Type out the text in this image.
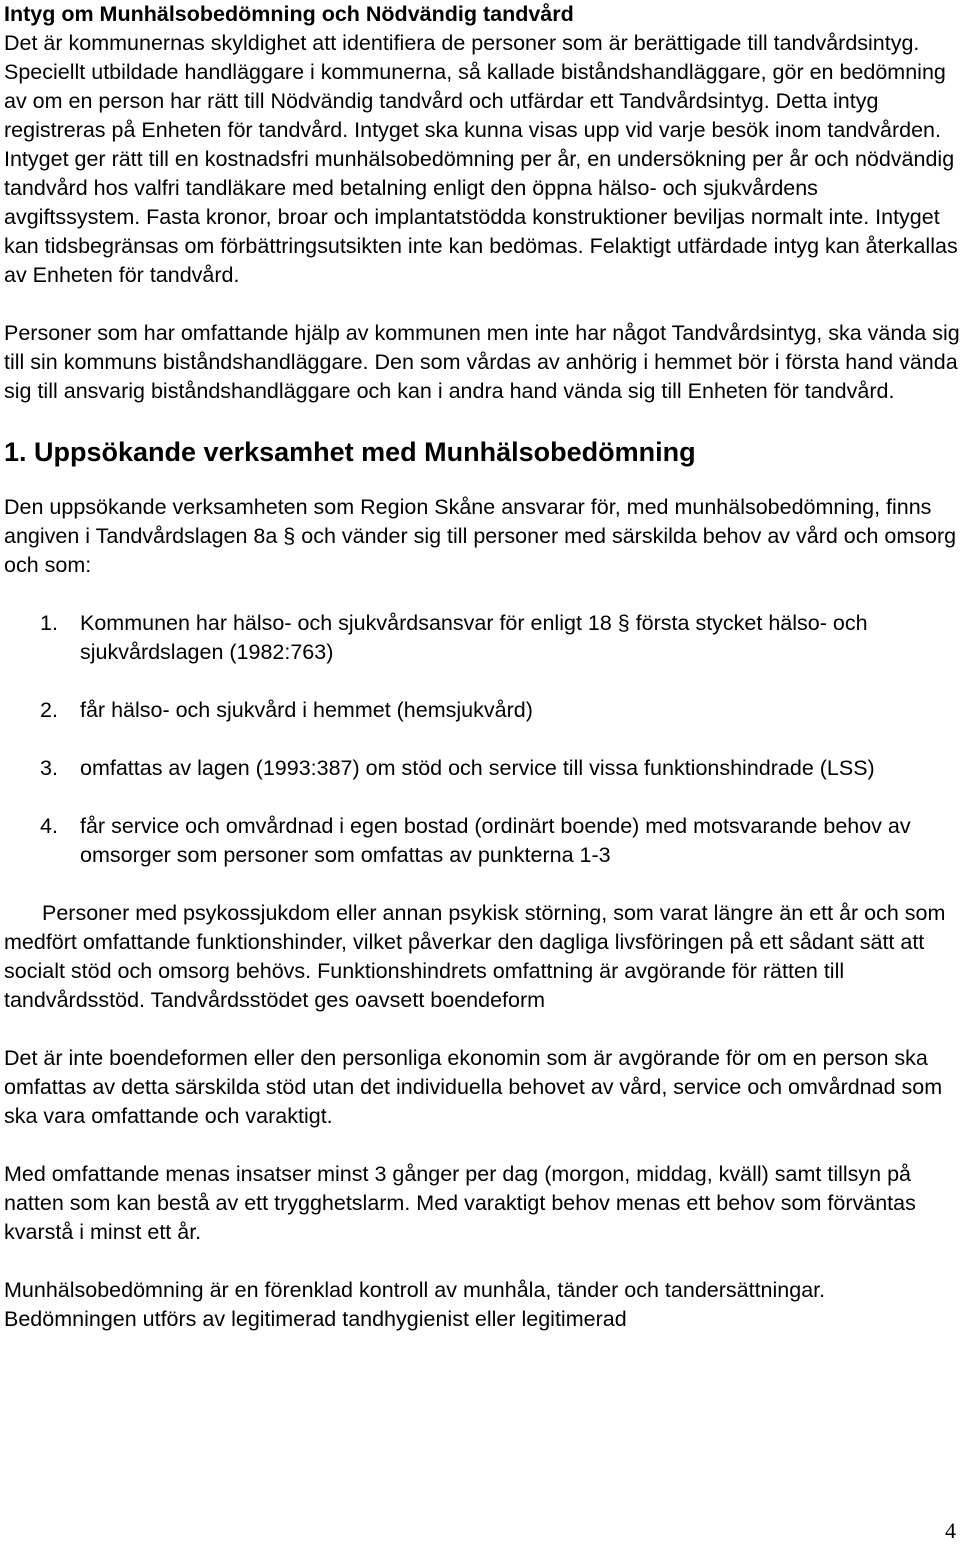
Intyg om Munhälsobedömning och Nödvändig tandvård

Det är kommunernas skyldighet att identifiera de personer som är berättigade till tandvårdsintyg. Speciellt utbildade handläggare i kommunerna, så kallade biståndshandläggare, gör en bedömning av om en person har rätt till Nödvändig tandvård och utfärdar ett Tandvårdsintyg. Detta intyg registreras på Enheten för tandvård. Intyget ska kunna visas upp vid varje besök inom tandvården. Intyget ger rätt till en kostnadsfri munhälsobedömning per år, en undersökning per år och nödvändig tandvård hos valfri tandläkare med betalning enligt den öppna hälso- och sjukvårdens avgiftssystem. Fasta kronor, broar och implantatstödda konstruktioner beviljas normalt inte. Intyget kan tidsbegränsas om förbättringsutsikten inte kan bedömas. Felaktigt utfärdade intyg kan återkallas av Enheten för tandvård.

Personer som har omfattande hjälp av kommunen men inte har något Tandvårdsintyg, ska vända sig till sin kommuns biståndshandläggare. Den som vårdas av anhörig i hemmet bör i första hand vända sig till ansvarig biståndshandläggare och kan i andra hand vända sig till Enheten för tandvård.

1. Uppsökande verksamhet med Munhälsobedömning

Den uppsökande verksamheten som Region Skåne ansvarar för, med munhälsobedömning, finns angiven i Tandvårdslagen 8a § och vänder sig till personer med särskilda behov av vård och omsorg och som:

1.	Kommunen har hälso- och sjukvårdsansvar för enligt 18 § första stycket hälso- och sjukvårdslagen (1982:763)
2.	får hälso- och sjukvård i hemmet (hemsjukvård)
3.	omfattas av lagen (1993:387) om stöd och service till vissa funktionshindrade (LSS)
4.	får service och omvårdnad i egen bostad (ordinärt boende) med motsvarande behov av omsorger som personer som omfattas av punkterna 1-3

Personer med psykossjukdom eller annan psykisk störning, som varat längre än ett år och som medfört omfattande funktionshinder, vilket påverkar den dagliga livsföringen på ett sådant sätt att socialt stöd och omsorg behövs. Funktionshindrets omfattning är avgörande för rätten till tandvårdsstöd. Tandvårdsstödet ges oavsett boendeform

Det är inte boendeformen eller den personliga ekonomin som är avgörande för om en person ska omfattas av detta särskilda stöd utan det individuella behovet av vård, service och omvårdnad som ska vara omfattande och varaktigt.

Med omfattande menas insatser minst 3 gånger per dag (morgon, middag, kväll) samt tillsyn på natten som kan bestå av ett trygghetslarm. Med varaktigt behov menas ett behov som förväntas kvarstå i minst ett år.

Munhälsobedömning är en förenklad kontroll av munhåla, tänder och tandersättningar. Bedömningen utförs av legitimerad tandhygienist eller legitimerad

4
